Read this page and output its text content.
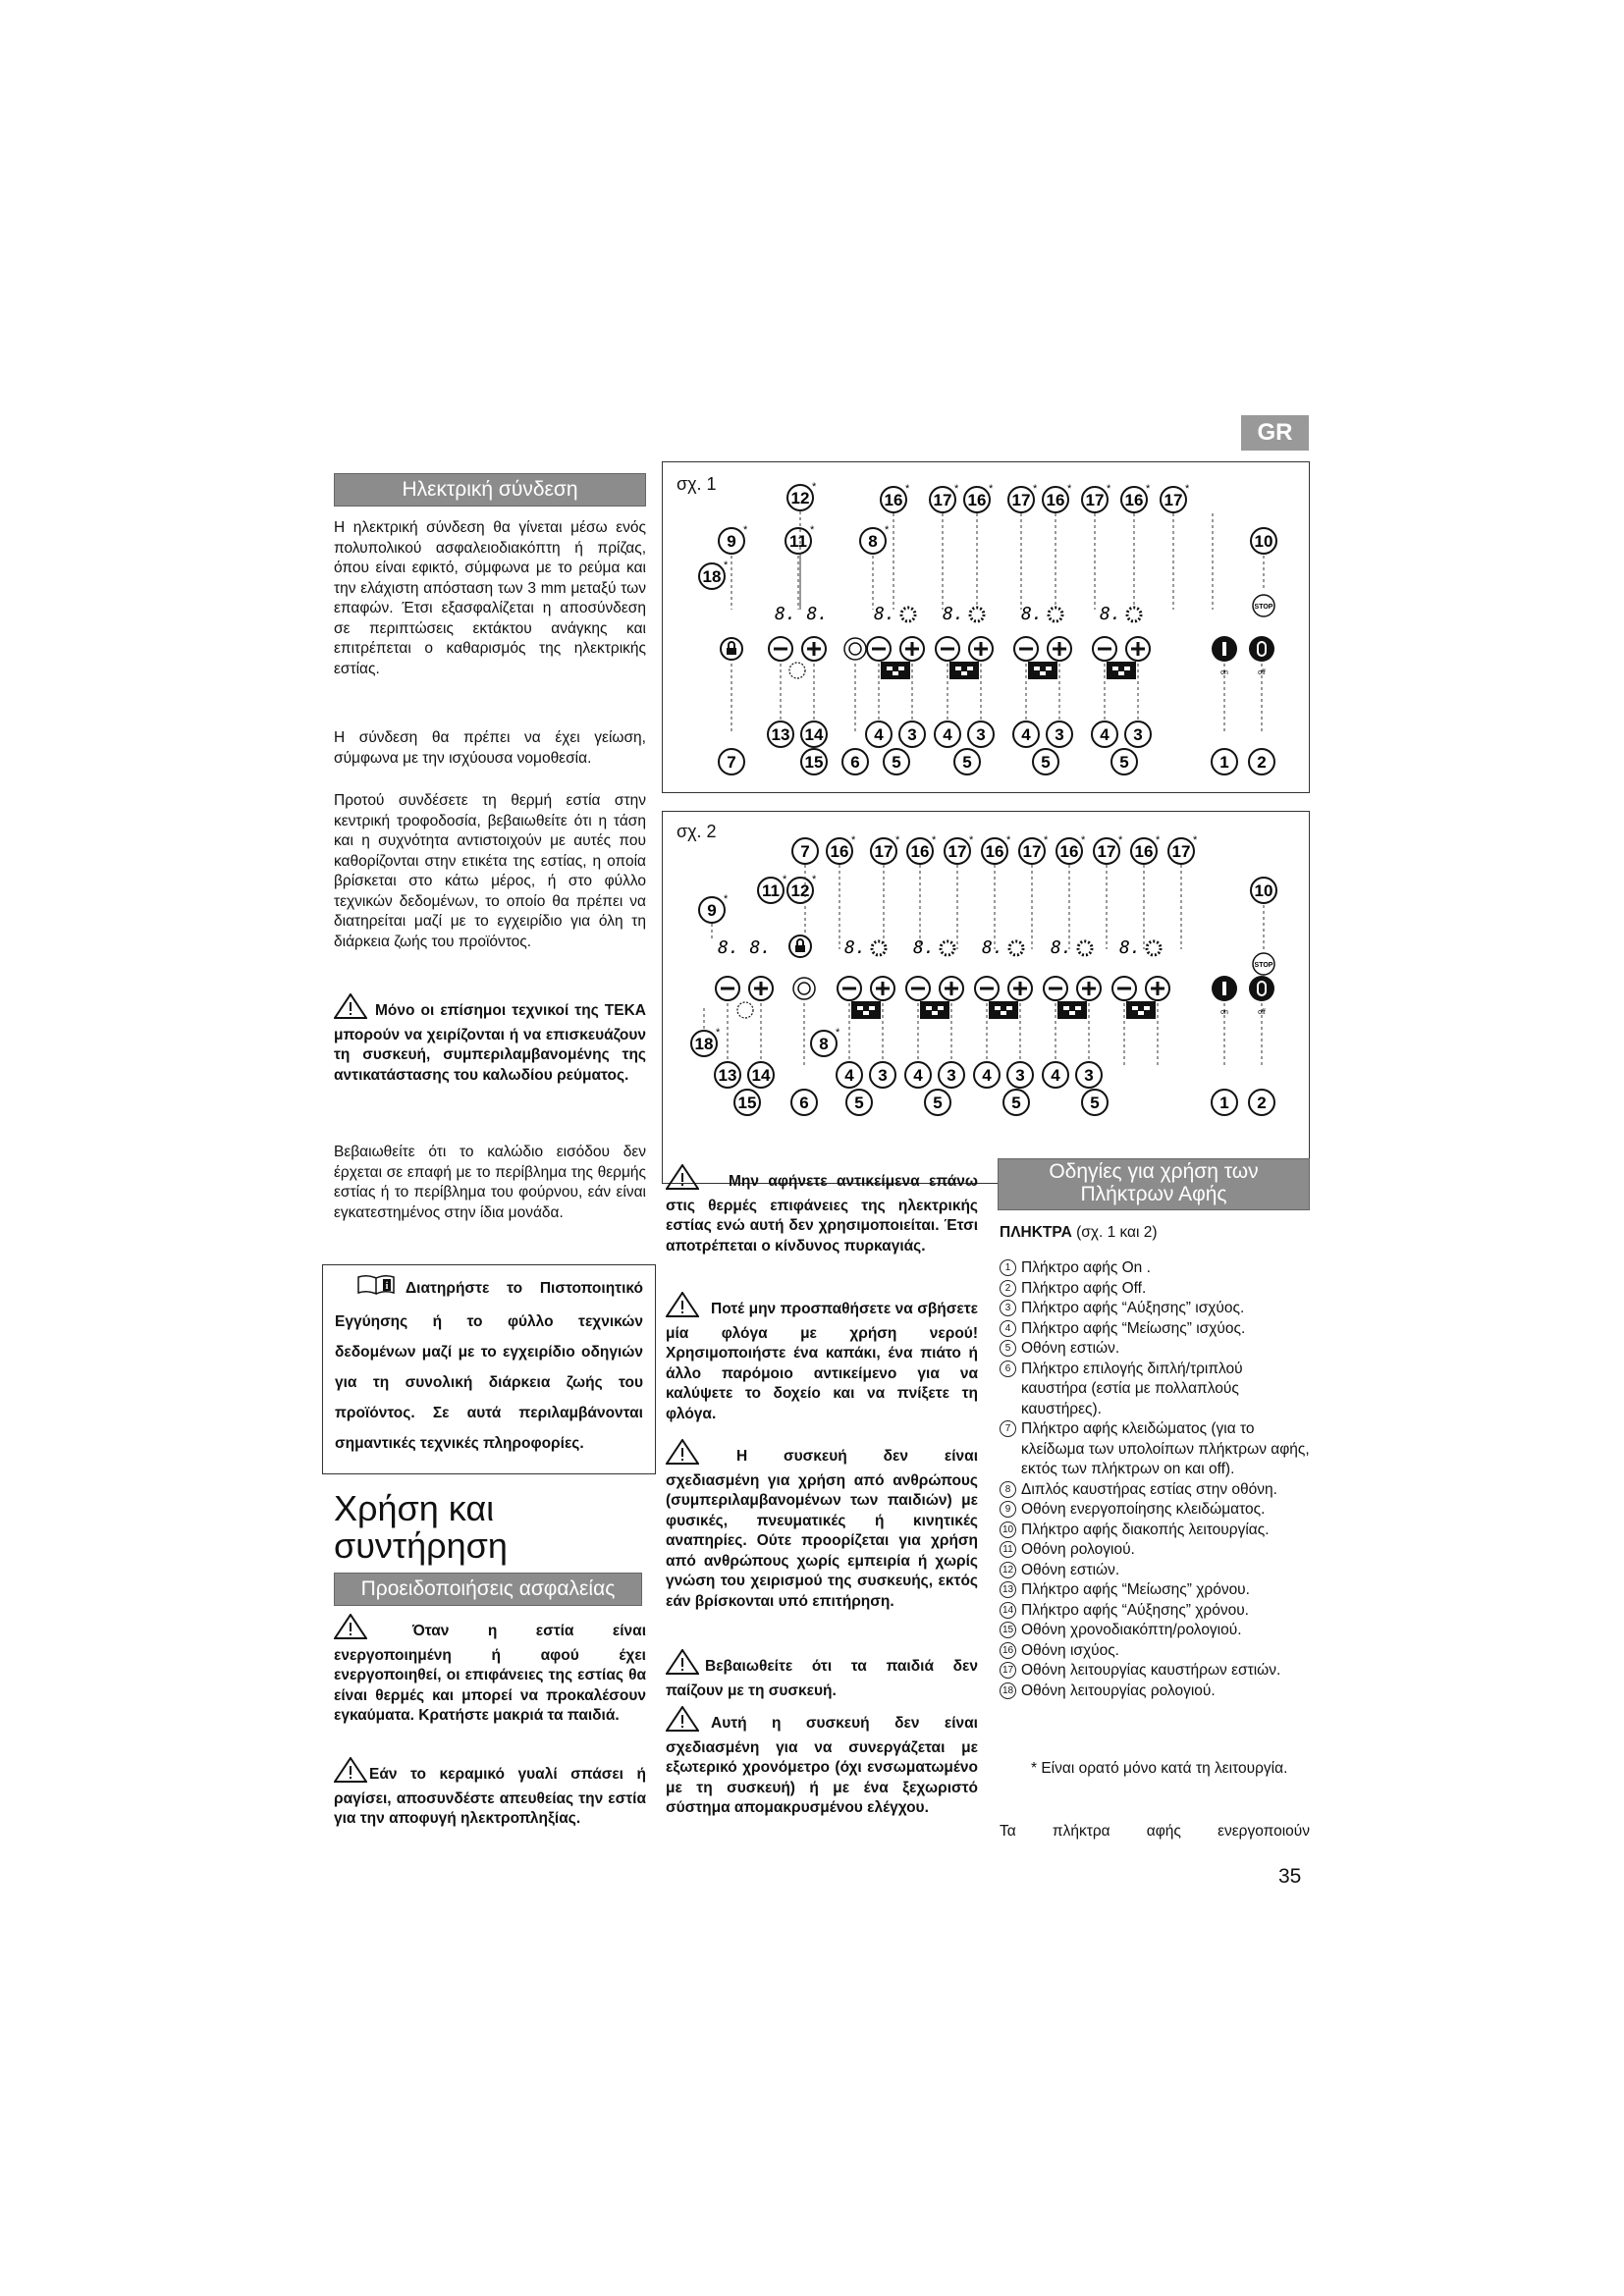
GR
Ηλεκτρική σύνδεση

Η ηλεκτρική σύνδεση θα γίνεται μέσω ενός πολυπολικού ασφαλειοδιακόπτη ή πρίζας, όπου είναι εφικτό, σύμφωνα με το ρεύμα και την ελάχιστη απόσταση των 3 mm μεταξύ των επαφών. Έτσι εξασφαλίζεται η αποσύνδεση σε περιπτώσεις εκτάκτου ανάγκης και επιτρέπεται ο καθαρισμός της ηλεκτρικής εστίας.

Η σύνδεση θα πρέπει να έχει γείωση, σύμφωνα με την ισχύουσα νομοθεσία.

Προτού συνδέσετε τη θερμή εστία στην κεντρική τροφοδοσία, βεβαιωθείτε ότι η τάση και η συχνότητα αντιστοιχούν με αυτές που καθορίζονται στην ετικέτα της εστίας, η οποία βρίσκεται στο κάτω μέρος, ή στο φύλλο τεχνικών δεδομένων, το οποίο θα πρέπει να διατηρείται μαζί με το εγχειρίδιο για όλη τη διάρκεια ζωής του προϊόντος.

Μόνο οι επίσημοι τεχνικοί της TEKA μπορούν να χειρίζονται ή να επισκευάζουν τη συσκευή, συμπεριλαμβανομένης της αντικατάστασης του καλωδίου ρεύματος.

Βεβαιωθείτε ότι το καλώδιο εισόδου δεν έρχεται σε επαφή με το περίβλημα της θερμής εστίας ή το περίβλημα του φούρνου, εάν είναι εγκατεστημένος στην ίδια μονάδα.

i Διατηρήστε το Πιστοποιητικό Εγγύησης ή το φύλλο τεχνικών δεδομένων μαζί με το εγχειρίδιο οδηγιών για τη συνολική διάρκεια ζωής του προϊόντος. Σε αυτά περιλαμβάνονται σημαντικές τεχνικές πληροφορίες.
Χρήση και
συντήρηση
Προειδοποιήσεις ασφαλείας
Όταν η εστία είναι ενεργοποιημένη ή αφού έχει ενεργοποιηθεί, οι επιφάνειες της εστίας θα είναι θερμές και μπορεί να προκαλέσουν εγκαύματα. Κρατήστε μακριά τα παιδιά.
Εάν το κεραμικό γυαλί σπάσει ή ραγίσει, αποσυνδέστε απευθείας την εστία για την αποφυγή ηλεκτροπληξίας.
σχ. 1
12
*
16
*
17
*
16
*
17
*
16
*
17
*
16
*
17
*
9
*
11
*
8
*
10
18
*
8. 8.	8.	8.	8.	8.	STOP
on	off
13 14	4 3 4 3 4 3 4 3
7	15 6 5	5	5	5	1 2
σχ. 2
7 16
*
17
*
16
*
17
*
16
*
17
*
16
*
17
*
16
*
17
*
11
*
12
*
9
*	10
8. 8.	8.	8.	8.	8.	8.
STOP
on	off
18
*
8
*
13 14	4 3 4 3 4 3 4 3
15	6	5	5	5	5	1 2
Μην αφήνετε αντικείμενα επάνω στις θερμές επιφάνειες της ηλεκτρικής εστίας ενώ αυτή δεν χρησιμοποιείται. Έτσι αποτρέπεται ο κίνδυνος πυρκαγιάς.
Ποτέ μην προσπαθήσετε να σβήσετε μία φλόγα με χρήση νερού! Χρησιμοποιήστε ένα καπάκι, ένα πιάτο ή άλλο παρόμοιο αντικείμενο για να καλύψετε το δοχείο και να πνίξετε τη φλόγα.
Η συσκευή δεν είναι σχεδιασμένη για χρήση από ανθρώπους (συμπεριλαμβανομένων των παιδιών) με φυσικές, πνευματικές ή κινητικές αναπηρίες. Ούτε προορίζεται για χρήση από ανθρώπους χωρίς εμπειρία ή χωρίς γνώση του χειρισμού της συσκευής, εκτός εάν βρίσκονται υπό επιτήρηση.
Βεβαιωθείτε ότι τα παιδιά δεν παίζουν με τη συσκευή.
Αυτή η συσκευή δεν είναι σχεδιασμένη για να συνεργάζεται με εξωτερικό χρονόμετρο (όχι ενσωματωμένο με τη συσκευή) ή με ένα ξεχωριστό σύστημα απομακρυσμένου ελέγχου.
Οδηγίες για χρήση των
Πλήκτρων Αφής
ΠΛΗΚΤΡΑ (σχ. 1 και 2)
1 Πλήκτρο αφής On .
2 Πλήκτρο αφής Off.
3 Πλήκτρο αφής “Αύξησης” ισχύος.
4 Πλήκτρο αφής “Μείωσης” ισχύος.
5 Οθόνη εστιών.
6 Πλήκτρο επιλογής διπλή/τριπλού καυστήρα (εστία με πολλαπλούς καυστήρες).
7 Πλήκτρο αφής κλειδώματος (για το κλείδωμα των υπολοίπων πλήκτρων αφής, εκτός των πλήκτρων on και off).
8 Διπλός καυστήρας εστίας στην οθόνη.
9 Οθόνη ενεργοποίησης κλειδώματος.
10 Πλήκτρο αφής διακοπής λειτουργίας.
11 Οθόνη ρολογιού.
12 Οθόνη εστιών.
13 Πλήκτρο αφής “Μείωσης” χρόνου.
14 Πλήκτρο αφής “Αύξησης” χρόνου.
15 Οθόνη χρονοδιακόπτη/ρολογιού.
16 Οθόνη ισχύος.
17 Οθόνη λειτουργίας καυστήρων εστιών.
18 Οθόνη λειτουργίας ρολογιού.

* Είναι ορατό μόνο κατά τη λειτουργία.

Τα πλήκτρα αφής ενεργοποιούν

35
